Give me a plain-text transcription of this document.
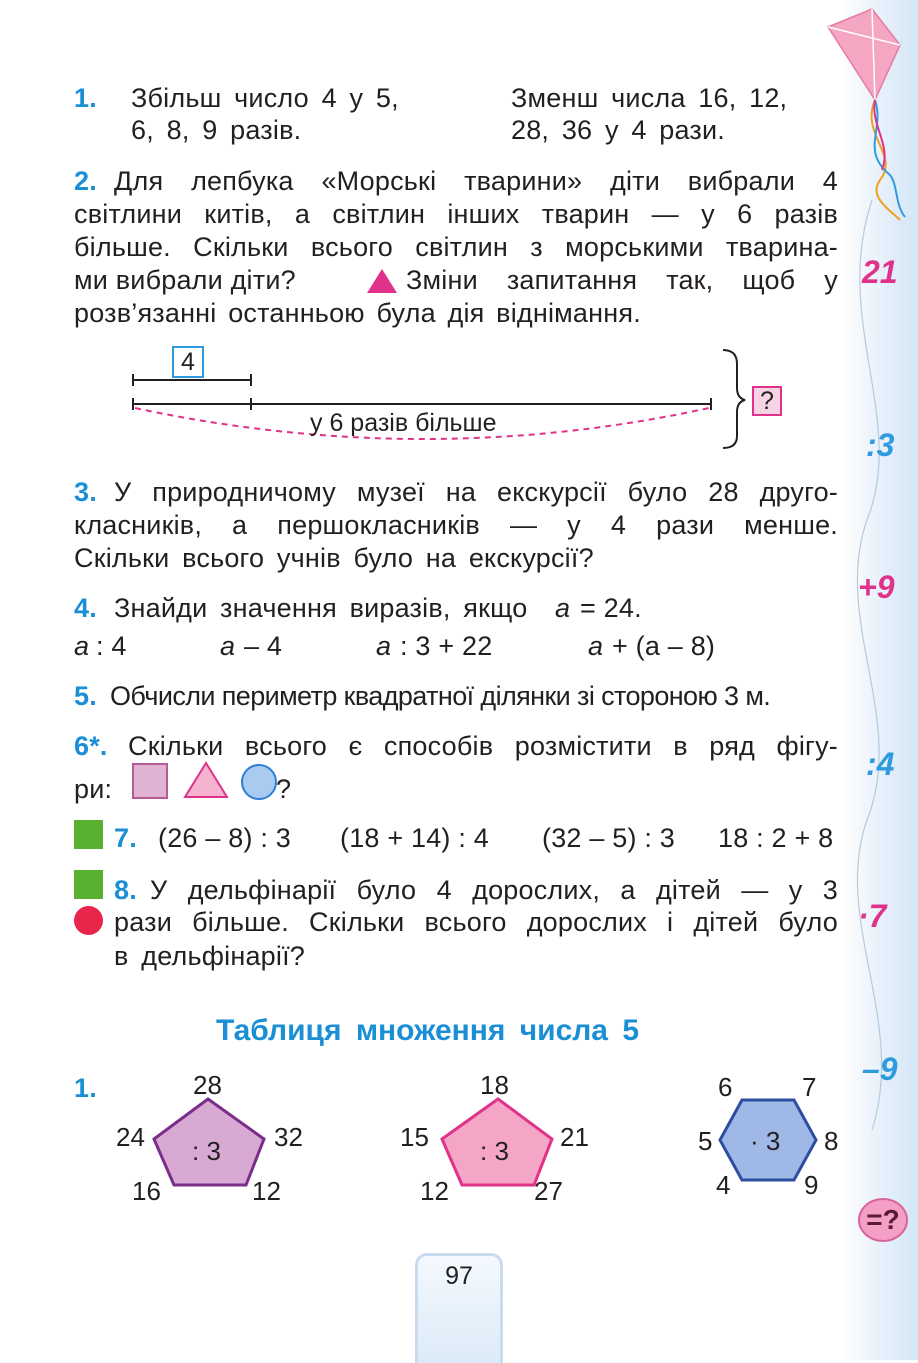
21
:3
+9
:4
·7
–9
=?
1. Збільш число 4 у 5,
6, 8, 9 разів.
Зменш числа 16, 12,
28, 36 у 4 рази.
2. Для лепбука «Морські тварини» діти вибрали 4
світлини китів, а світлин інших тварин — у 6 разів
більше. Скільки всього світлин з морськими тварина-
ми вибрали діти?	Зміни запитання так, щоб у
розв’язанні останньою була дія віднімання.
4
у 6 разів більше
?
3. У природничому музеї на екскурсії було 28 друго-
класників, а першокласників — у 4 рази менше.
Скільки всього учнів було на екскурсії?
4. Знайди значення виразів, якщо a = 24.
a : 4	a – 4	a : 3 + 22	a + (a – 8)
5. Обчисли периметр квадратної ділянки зі стороною 3 м.
6*. Скільки всього є способів розмістити в ряд фігу-
ри:	?
7. (26 – 8) : 3 (18 + 14) : 4 (32 – 5) : 3 18 : 2 + 8
8. У дельфінарії було 4 дорослих, а дітей — у 3
рази більше. Скільки всього дорослих і дітей було
в дельфінарії?
Таблиця множення числа 5
1.
: 3
28
24	32
16	12
: 3
18
15	21
12	27
· 3
6	7
5	8
4	9
97
